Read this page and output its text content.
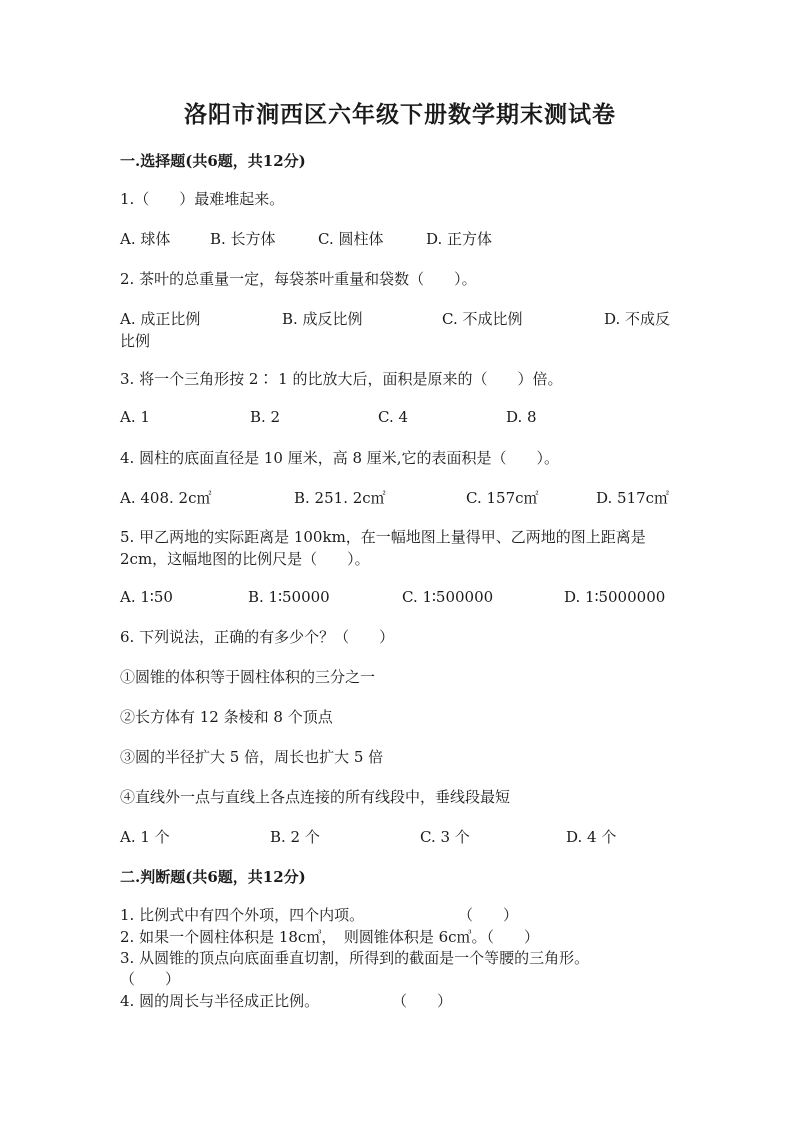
洛阳市涧西区六年级下册数学期末测试卷
一.选择题(共6题，共12分)
1.（　　）最难堆起来。
A. 球体	B. 长方体	C. 圆柱体	D. 正方体
2. 茶叶的总重量一定，每袋茶叶重量和袋数（　　）。
A. 成正比例	B. 成反比例	C. 不成比例	D. 不成反
比例
3. 将一个三角形按 2∶ 1 的比放大后，面积是原来的（　　）倍。
A. 1	B. 2	C. 4	D. 8
4. 圆柱的底面直径是 10 厘米，高 8 厘米,它的表面积是（　　）。
A. 408. 2c㎡	B. 251. 2c㎡	C. 157c㎡	D. 517c㎡
5. 甲乙两地的实际距离是 100km，在一幅地图上量得甲、乙两地的图上距离是
2cm，这幅地图的比例尺是（　　）。
A. 1∶50	B. 1∶50000	C. 1∶500000	D. 1∶5000000
6. 下列说法，正确的有多少个？（　　）
①圆锥的体积等于圆柱体积的三分之一
②长方体有 12 条棱和 8 个顶点
③圆的半径扩大 5 倍，周长也扩大 5 倍
④直线外一点与直线上各点连接的所有线段中，垂线段最短
A. 1 个	B. 2 个	C. 3 个	D. 4 个
二.判断题(共6题，共12分)
1. 比例式中有四个外项，四个内项。	（　　）
2. 如果一个圆柱体积是 18c㎥，　则圆锥体积是 6c㎥。（　　）
3. 从圆锥的顶点向底面垂直切割，所得到的截面是一个等腰的三角形。
（　　）
4. 圆的周长与半径成正比例。	（　　）
